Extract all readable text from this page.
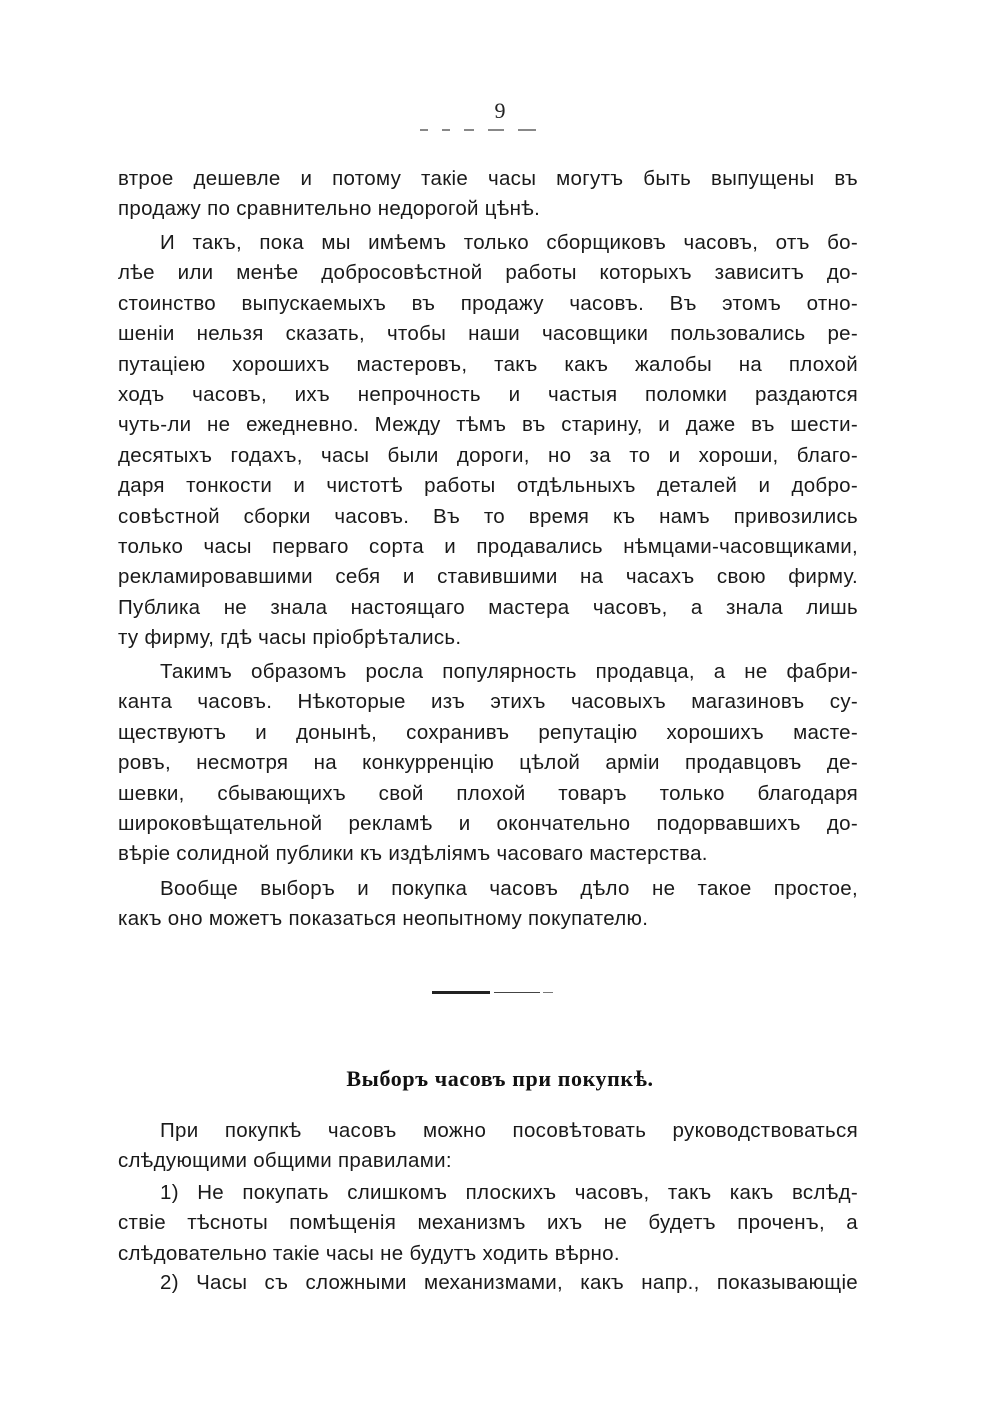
9
втрое дешевле и потому такіе часы могутъ быть выпущены въ
продажу по сравнительно недорогой цѣнѣ.
И такъ, пока мы имѣемъ только сборщиковъ часовъ, отъ бо-
лѣе или менѣе добросовѣстной работы которыхъ зависитъ до-
стоинство выпускаемыхъ въ продажу часовъ. Въ этомъ отно-
шеніи нельзя сказать, чтобы наши часовщики пользовались ре-
путаціею хорошихъ мастеровъ, такъ какъ жалобы на плохой
ходъ часовъ, ихъ непрочность и частыя поломки раздаются
чуть-ли не ежедневно. Между тѣмъ въ старину, и даже въ шести-
десятыхъ годахъ, часы были дороги, но за то и хороши, благо-
даря тонкости и чистотѣ работы отдѣльныхъ деталей и добро-
совѣстной сборки часовъ. Въ то время къ намъ привозились
только часы перваго сорта и продавались нѣмцами-часовщиками,
рекламировавшими себя и ставившими на часахъ свою фирму.
Публика не знала настоящаго мастера часовъ, а знала лишь
ту фирму, гдѣ часы пріобрѣтались.
Такимъ образомъ росла популярность продавца, а не фабри-
канта часовъ. Нѣкоторые изъ этихъ часовыхъ магазиновъ су-
ществуютъ и донынѣ, сохранивъ репутацію хорошихъ масте-
ровъ, несмотря на конкурренцію цѣлой арміи продавцовъ де-
шевки, сбывающихъ свой плохой товаръ только благодаря
широковѣщательной рекламѣ и окончательно подорвавшихъ до-
вѣріе солидной публики къ издѣліямъ часоваго мастерства.
Вообще выборъ и покупка часовъ дѣло не такое простое,
какъ оно можетъ показаться неопытному покупателю.
Выборъ часовъ при покупкѣ.
При покупкѣ часовъ можно посовѣтовать руководствоваться
слѣдующими общими правилами:
1) Не покупать слишкомъ плоскихъ часовъ, такъ какъ вслѣд-
ствіе тѣсноты помѣщенія механизмъ ихъ не будетъ проченъ, а
слѣдовательно такіе часы не будутъ ходить вѣрно.
2) Часы съ сложными механизмами, какъ напр., показывающіе
